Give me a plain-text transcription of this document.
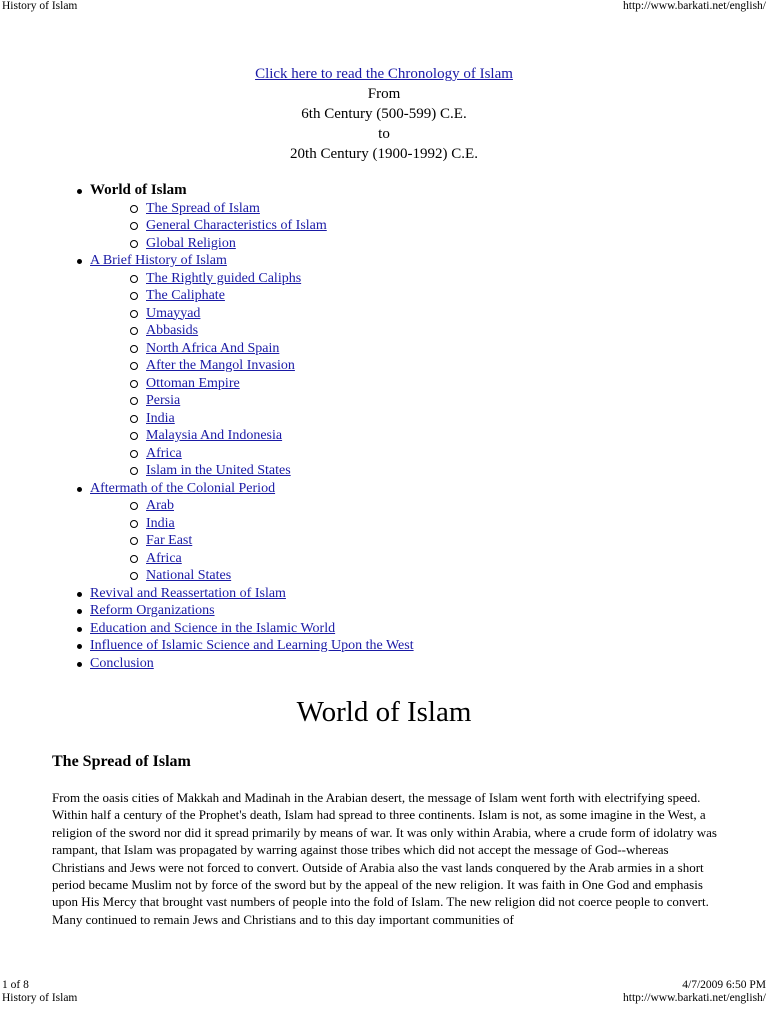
History of Islam	http://www.barkati.net/english/
Click here to read the Chronology of Islam
From
6th Century (500-599) C.E.
to
20th Century (1900-1992) C.E.
World of Islam
The Spread of Islam
General Characteristics of Islam
Global Religion
A Brief History of Islam
The Rightly guided Caliphs
The Caliphate
Umayyad
Abbasids
North Africa And Spain
After the Mangol Invasion
Ottoman Empire
Persia
India
Malaysia And Indonesia
Africa
Islam in the United States
Aftermath of the Colonial Period
Arab
India
Far East
Africa
National States
Revival and Reassertation of Islam
Reform Organizations
Education and Science in the Islamic World
Influence of Islamic Science and Learning Upon the West
Conclusion
World of Islam
The Spread of Islam

From the oasis cities of Makkah and Madinah in the Arabian desert, the message of Islam went forth with electrifying speed. Within half a century of the Prophet's death, Islam had spread to three continents. Islam is not, as some imagine in the West, a religion of the sword nor did it spread primarily by means of war. It was only within Arabia, where a crude form of idolatry was rampant, that Islam was propagated by warring against those tribes which did not accept the message of God--whereas Christians and Jews were not forced to convert. Outside of Arabia also the vast lands conquered by the Arab armies in a short period became Muslim not by force of the sword but by the appeal of the new religion. It was faith in One God and emphasis upon His Mercy that brought vast numbers of people into the fold of Islam. The new religion did not coerce people to convert. Many continued to remain Jews and Christians and to this day important communities of

1 of 8	4/7/2009 6:50 PM
History of Islam	http://www.barkati.net/english/
